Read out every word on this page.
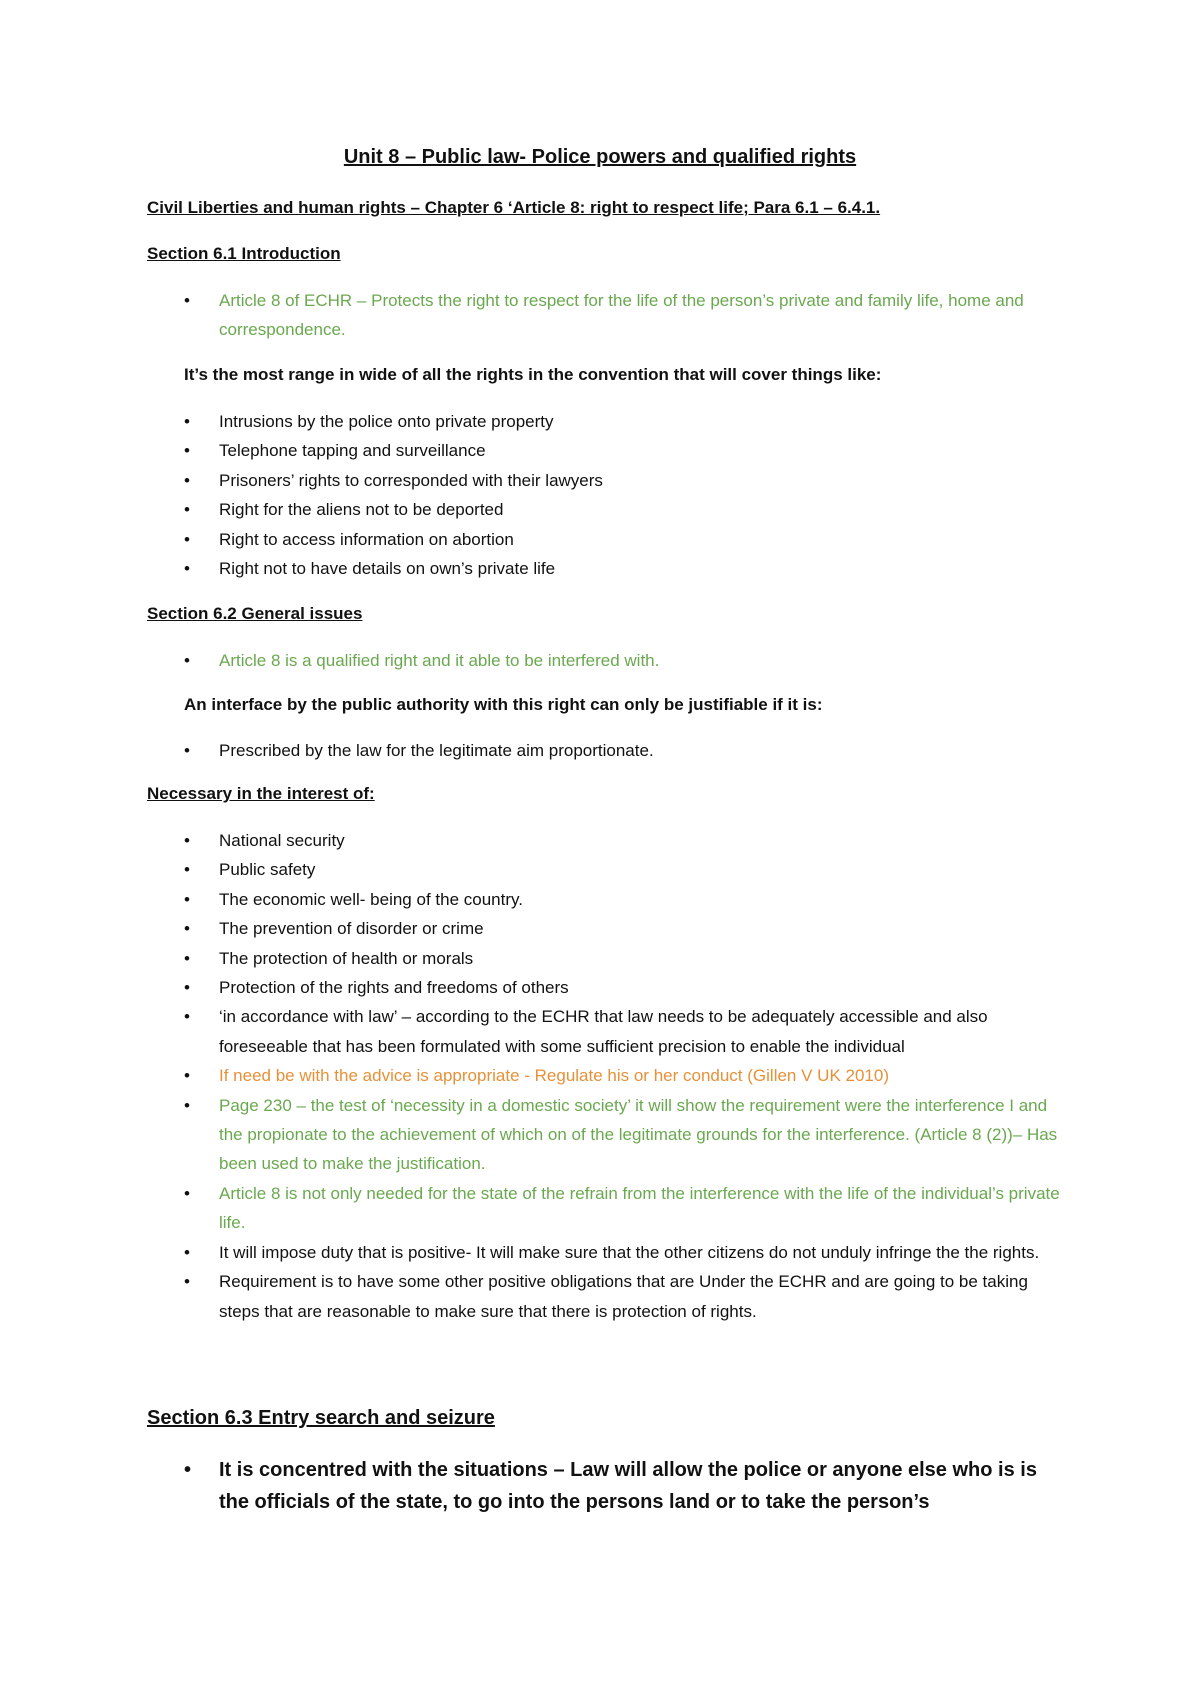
Unit 8 – Public law- Police powers and qualified rights
Civil Liberties and human rights – Chapter 6 ‘Article 8: right to respect life; Para 6.1 – 6.4.1.
Section 6.1 Introduction
• Article 8 of ECHR – Protects the right to respect for the life of the person’s private and family life, home and correspondence.
It’s the most range in wide of all the rights in the convention that will cover things like:
• Intrusions by the police onto private property
• Telephone tapping and surveillance
• Prisoners’ rights to corresponded with their lawyers
• Right for the aliens not to be deported
• Right to access information on abortion
• Right not to have details on own’s private life
Section 6.2 General issues
• Article 8 is a qualified right and it able to be interfered with.
An interface by the public authority with this right can only be justifiable if it is:
• Prescribed by the law for the legitimate aim proportionate.
Necessary in the interest of:
• National security
• Public safety
• The economic well- being of the country.
• The prevention of disorder or crime
• The protection of health or morals
• Protection of the rights and freedoms of others
• ‘in accordance with law’ – according to the ECHR that law needs to be adequately accessible and also foreseeable that has been formulated with some sufficient precision to enable the individual
• If need be with the advice is appropriate - Regulate his or her conduct (Gillen V UK 2010)
• Page 230 – the test of ‘necessity in a domestic society’ it will show the requirement were the interference I and the propionate to the achievement of which on of the legitimate grounds for the interference. (Article 8 (2))– Has been used to make the justification.
• Article 8 is not only needed for the state of the refrain from the interference with the life of the individual’s private life.
• It will impose duty that is positive- It will make sure that the other citizens do not unduly infringe the the rights.
• Requirement is to have some other positive obligations that are Under the ECHR and are going to be taking steps that are reasonable to make sure that there is protection of rights.
Section 6.3 Entry search and seizure
• It is concentred with the situations – Law will allow the police or anyone else who is is the officials of the state, to go into the persons land or to take the person’s
